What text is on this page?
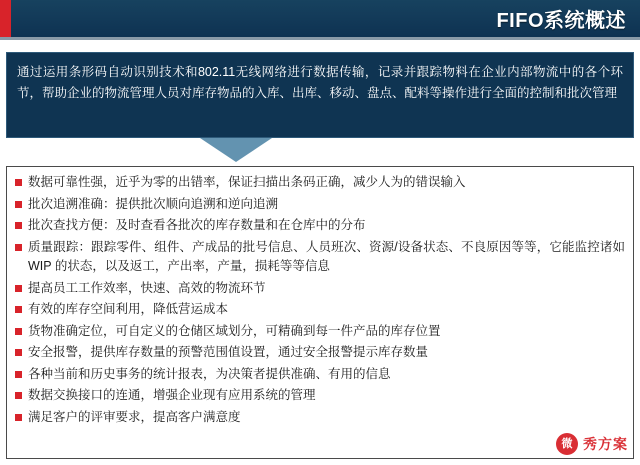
FIFO系统概述
通过运用条形码自动识别技术和802.11无线网络进行数据传输，记录并跟踪物料在企业内部物流中的各个环节，帮助企业的物流管理人员对库存物品的入库、出库、移动、盘点、配料等操作进行全面的控制和批次管理
数据可靠性强，近乎为零的出错率，保证扫描出条码正确，减少人为的错误输入
批次追溯准确：提供批次顺向追溯和逆向追溯
批次查找方便：及时查看各批次的库存数量和在仓库中的分布
质量跟踪：跟踪零件、组件、产成品的批号信息、人员班次、资源/设备状态、不良原因等等，它能监控诸如 WIP 的状态，以及返工，产出率，产量，损耗等等信息
提高员工工作效率，快速、高效的物流环节
有效的库存空间利用，降低营运成本
货物准确定位，可自定义的仓储区域划分，可精确到每一件产品的库存位置
安全报警，提供库存数量的预警范围值设置，通过安全报警提示库存数量
各种当前和历史事务的统计报表，为决策者提供准确、有用的信息
数据交换接口的连通，增强企业现有应用系统的管理
满足客户的评审要求，提高客户满意度
微 秀方案
